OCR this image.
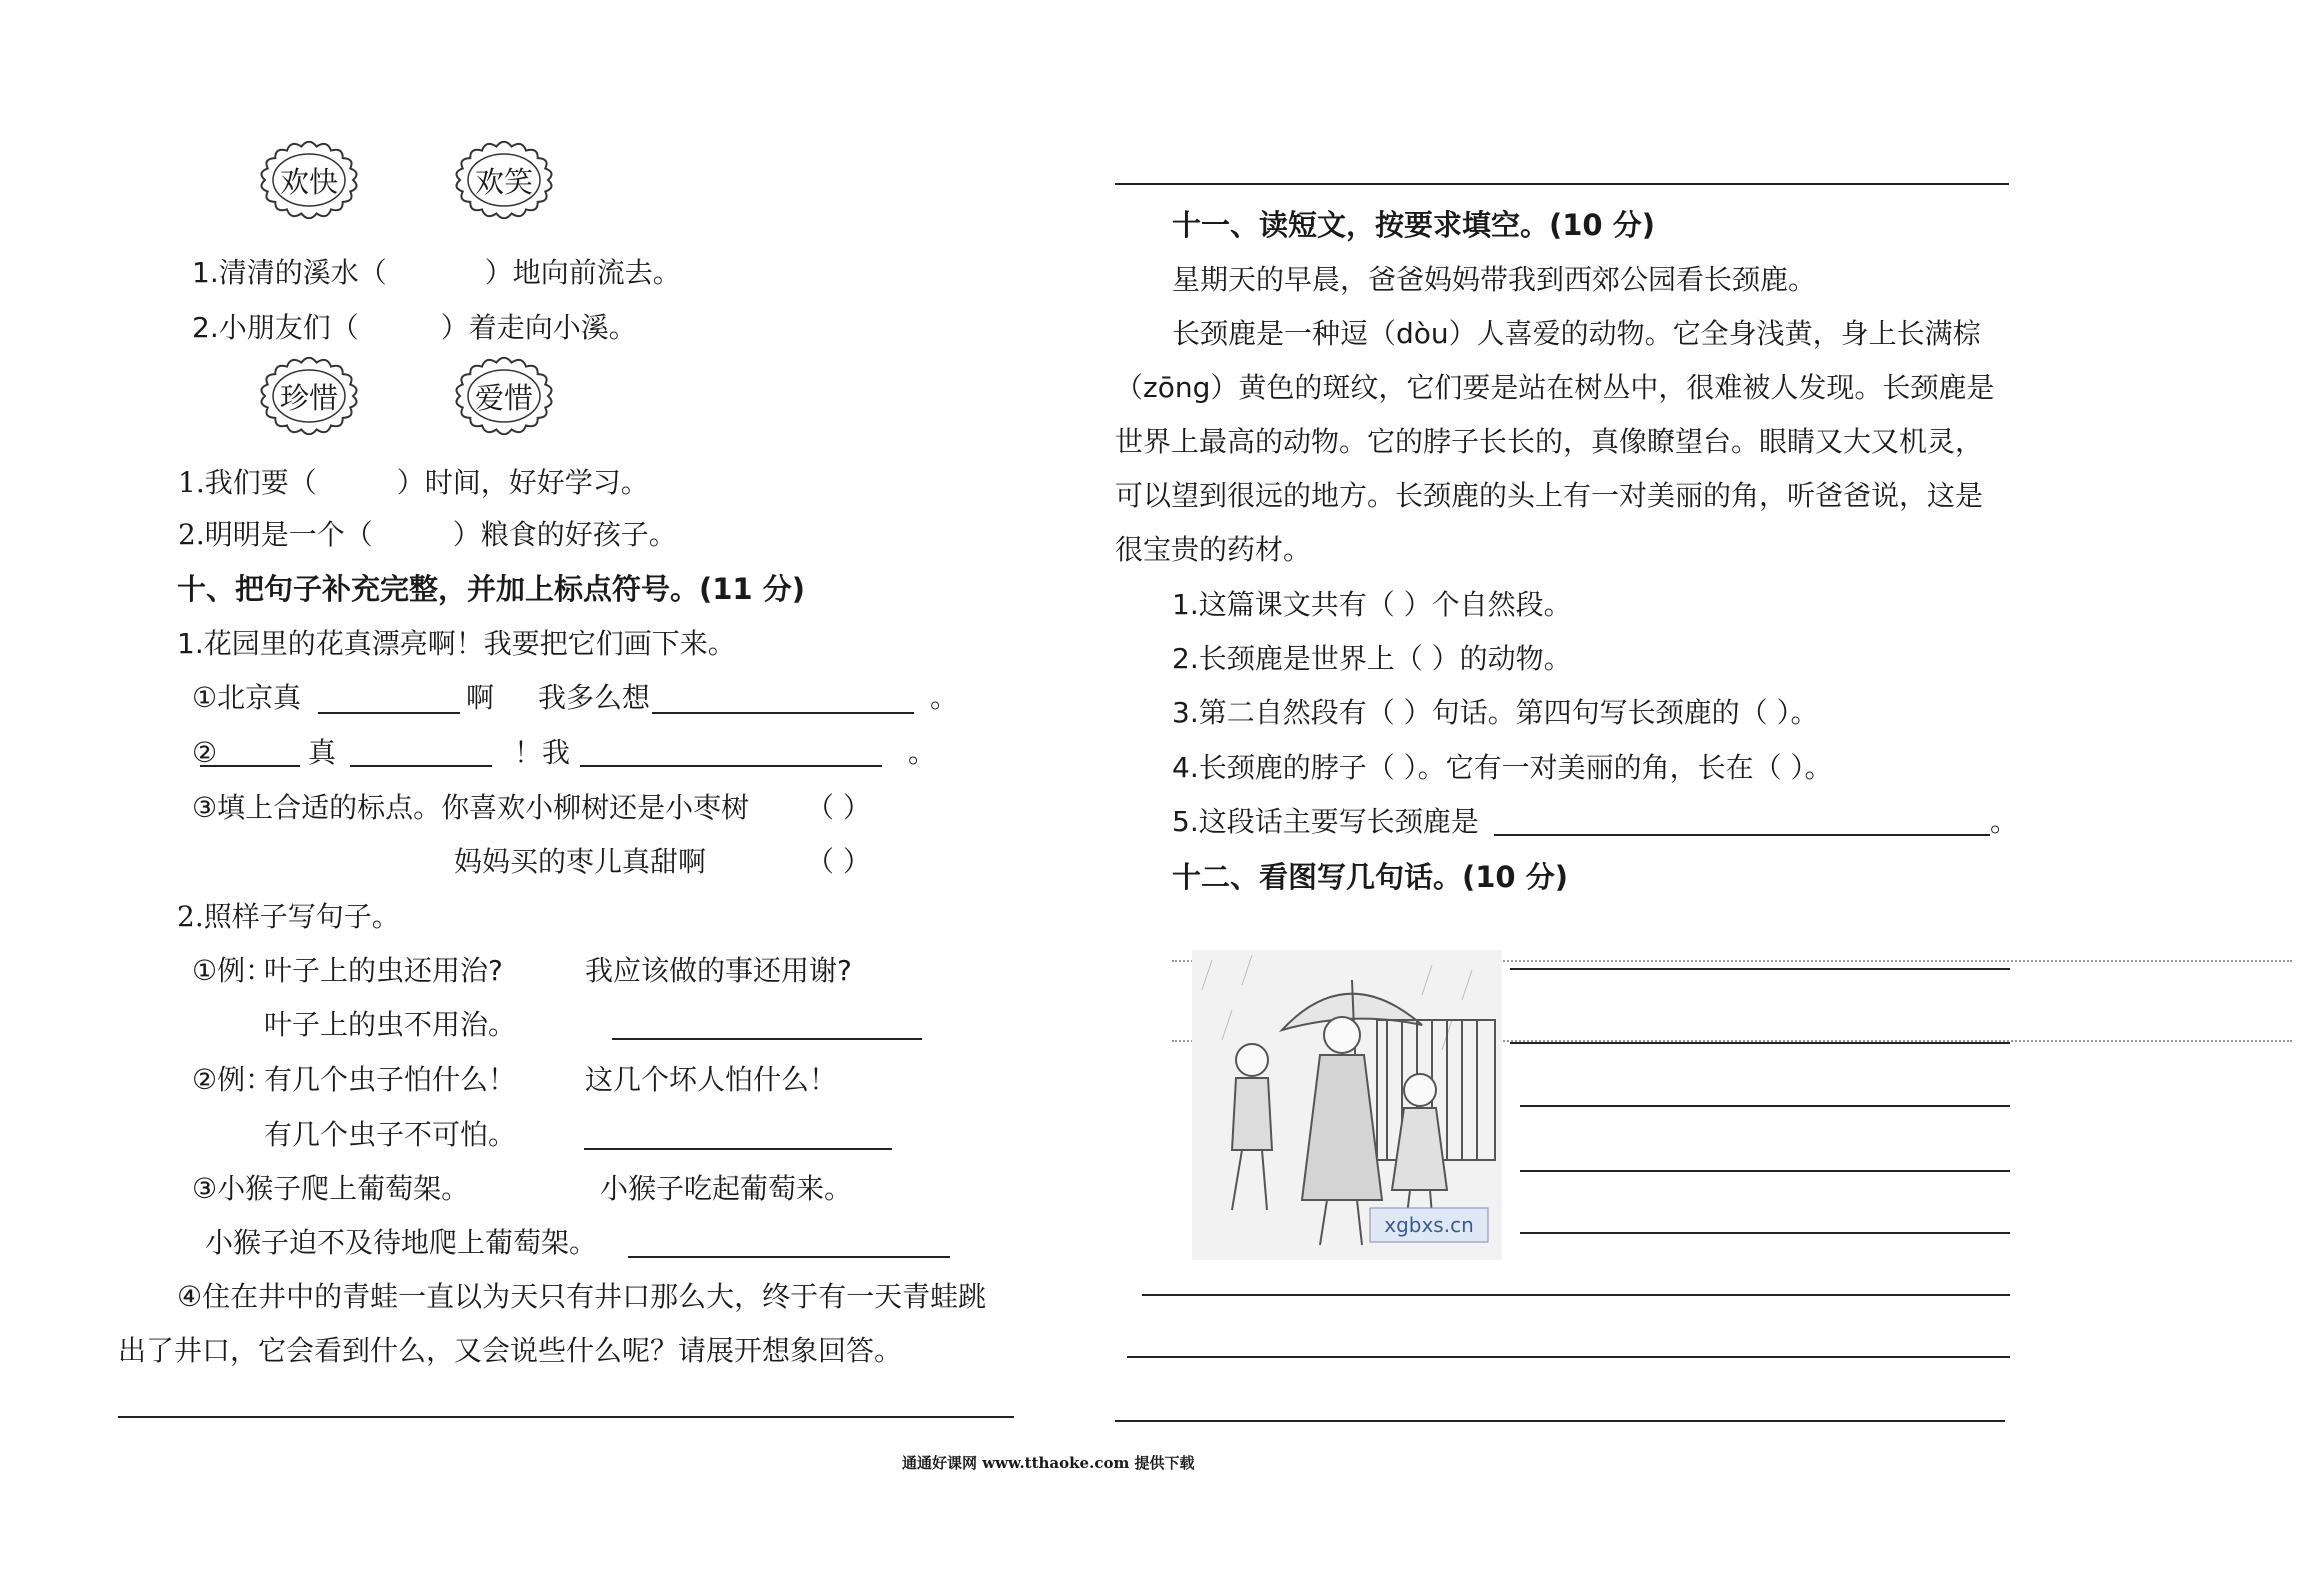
欢快	欢笑
1.清清的溪水（	）地向前流去。
2.小朋友们（	）着走向小溪。
珍惜	爱惜
1.我们要（	）时间，好好学习。
2.明明是一个（	）粮食的好孩子。
十、把句子补充完整，并加上标点符号。(11 分)
1.花园里的花真漂亮啊！我要把它们画下来。
①北京真	啊 我多么想	。
②	真	！我	。
③填上合适的标点。你喜欢小柳树还是小枣树 （ ）
妈妈买的枣儿真甜啊	（ ）
2.照样子写句子。
①例：
叶子上的虫还用治?	我应该做的事还用谢?
叶子上的虫不用治。
②例：
有几个虫子怕什么！ 这几个坏人怕什么！
有几个虫子不可怕。
③小猴子爬上葡萄架。	小猴子吃起葡萄来。
小猴子迫不及待地爬上葡萄架。
④住在井中的青蛙一直以为天只有井口那么大，终于有一天青蛙跳
出了井口，它会看到什么，又会说些什么呢？请展开想象回答。
十一、读短文，按要求填空。(10 分)
星期天的早晨，爸爸妈妈带我到西郊公园看长颈鹿。
长颈鹿是一种逗（dòu）人喜爱的动物。它全身浅黄，身上长满棕
（zōng）黄色的斑纹，它们要是站在树丛中，很难被人发现。长颈鹿是
世界上最高的动物。它的脖子长长的，真像瞭望台。眼睛又大又机灵，
可以望到很远的地方。长颈鹿的头上有一对美丽的角，听爸爸说，这是
很宝贵的药材。
1.这篇课文共有（ ）个自然段。
2.长颈鹿是世界上（ ）的动物。
3.第二自然段有（ ）句话。第四句写长颈鹿的（ ）。
4.长颈鹿的脖子（ ）。它有一对美丽的角，长在（ ）。
5.这段话主要写长颈鹿是	。
十二、看图写几句话。(10 分)
xgbxs.cn
通通好课网 www.tthaoke.com 提供下载
